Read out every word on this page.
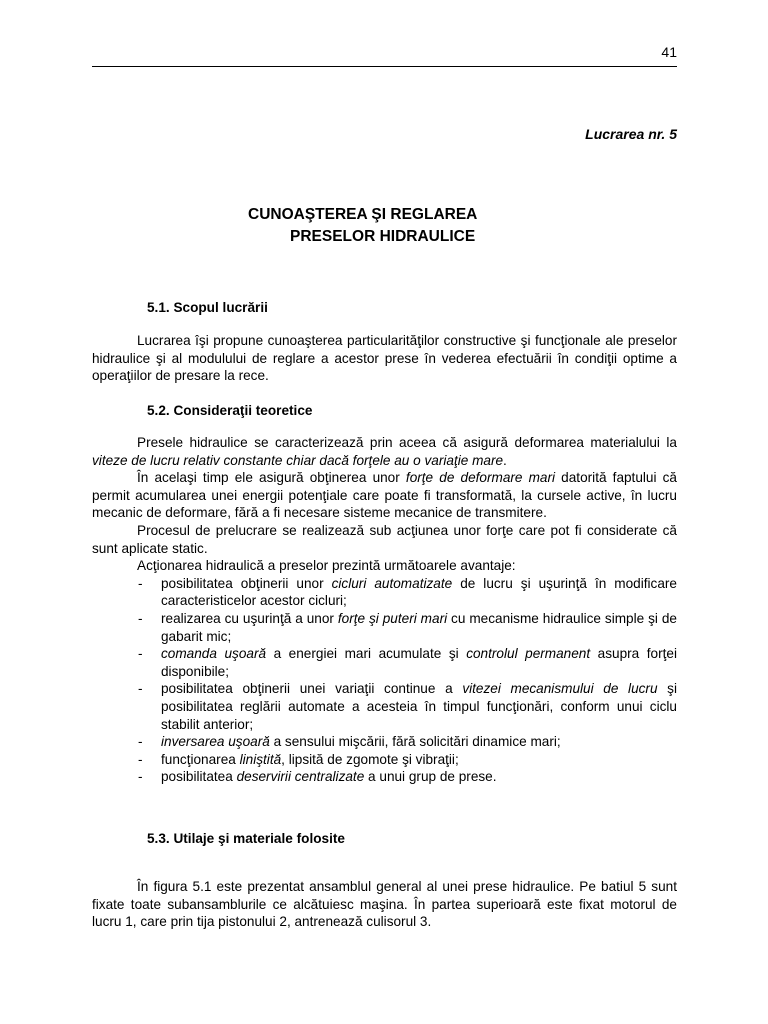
41
Lucrarea nr. 5
CUNOAŞTEREA ŞI REGLAREA
PRESELOR HIDRAULICE
5.1. Scopul lucrării

Lucrarea îşi propune cunoaşterea particularităţilor constructive şi funcţionale ale preselor hidraulice şi al modulului de reglare a acestor prese în vederea efectuării în condiţii optime a operaţiilor de presare la rece.

5.2. Consideraţii teoretice

Presele hidraulice se caracterizează prin aceea că asigură deformarea materialului la viteze de lucru relativ constante chiar dacă forţele au o variaţie mare.

În acelaşi timp ele asigură obţinerea unor forţe de deformare mari datorită faptului că permit acumularea unei energii potenţiale care poate fi transformată, la cursele active, în lucru mecanic de deformare, fără a fi necesare sisteme mecanice de transmitere.

Procesul de prelucrare se realizează sub acţiunea unor forţe care pot fi considerate că sunt aplicate static.

Acţionarea hidraulică a preselor prezintă următoarele avantaje:

- posibilitatea obţinerii unor cicluri automatizate de lucru şi uşurinţă în modificare caracteristicelor acestor cicluri;
- realizarea cu uşurinţă a unor forţe şi puteri mari cu mecanisme hidraulice simple şi de gabarit mic;
- comanda uşoară a energiei mari acumulate şi controlul permanent asupra forţei disponibile;
- posibilitatea obţinerii unei variaţii continue a vitezei mecanismului de lucru şi posibilitatea reglării automate a acesteia în timpul funcţionări, conform unui ciclu stabilit anterior;
- inversarea uşoară a sensului mişcării, fără solicitări dinamice mari;
- funcţionarea liniştită, lipsită de zgomote şi vibraţii;
- posibilitatea deservirii centralizate a unui grup de prese.
5.3. Utilaje şi materiale folosite

În figura 5.1 este prezentat ansamblul general al unei prese hidraulice. Pe batiul 5 sunt fixate toate subansamblurile ce alcătuiesc maşina. În partea superioară este fixat motorul de lucru 1, care prin tija pistonului 2, antrenează culisorul 3.
